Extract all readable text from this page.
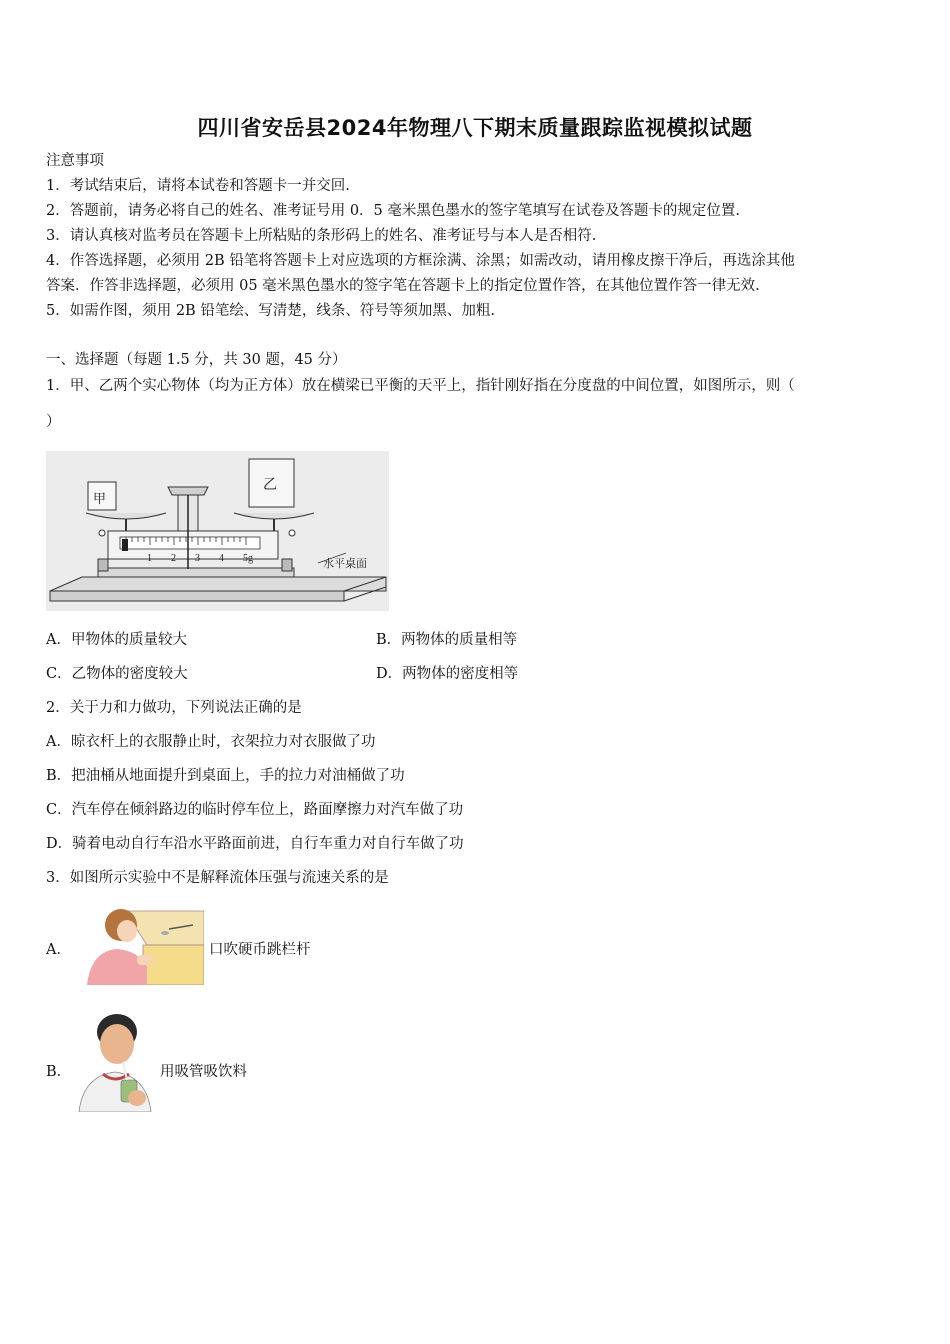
四川省安岳县2024年物理八下期末质量跟踪监视模拟试题
注意事项
1．考试结束后，请将本试卷和答题卡一并交回.
2．答题前，请务必将自己的姓名、准考证号用 0．5 毫米黑色墨水的签字笔填写在试卷及答题卡的规定位置.
3．请认真核对监考员在答题卡上所粘贴的条形码上的姓名、准考证号与本人是否相符.
4．作答选择题，必须用 2B 铅笔将答题卡上对应选项的方框涂满、涂黑；如需改动，请用橡皮擦干净后，再选涂其他
答案．作答非选择题，必须用 05 毫米黑色墨水的签字笔在答题卡上的指定位置作答，在其他位置作答一律无效.
5．如需作图，须用 2B 铅笔绘、写清楚，线条、符号等须加黑、加粗.
一、选择题（每题 1.5 分，共 30 题，45 分）
1．甲、乙两个实心物体（均为正方体）放在横梁已平衡的天平上，指针刚好指在分度盘的中间位置，如图所示，则（
）
1 2 3 4 5g
甲
乙
水平桌面
A．甲物体的质量较大	B．两物体的质量相等
C．乙物体的密度较大	D．两物体的密度相等
2．关于力和力做功，下列说法正确的是
A．晾衣杆上的衣服静止时，衣架拉力对衣服做了功
B．把油桶从地面提升到桌面上，手的拉力对油桶做了功
C．汽车停在倾斜路边的临时停车位上，路面摩擦力对汽车做了功
D．骑着电动自行车沿水平路面前进，自行车重力对自行车做了功
3．如图所示实验中不是解释流体压强与流速关系的是
A．	口吹硬币跳栏杆
B．	用吸管吸饮料
